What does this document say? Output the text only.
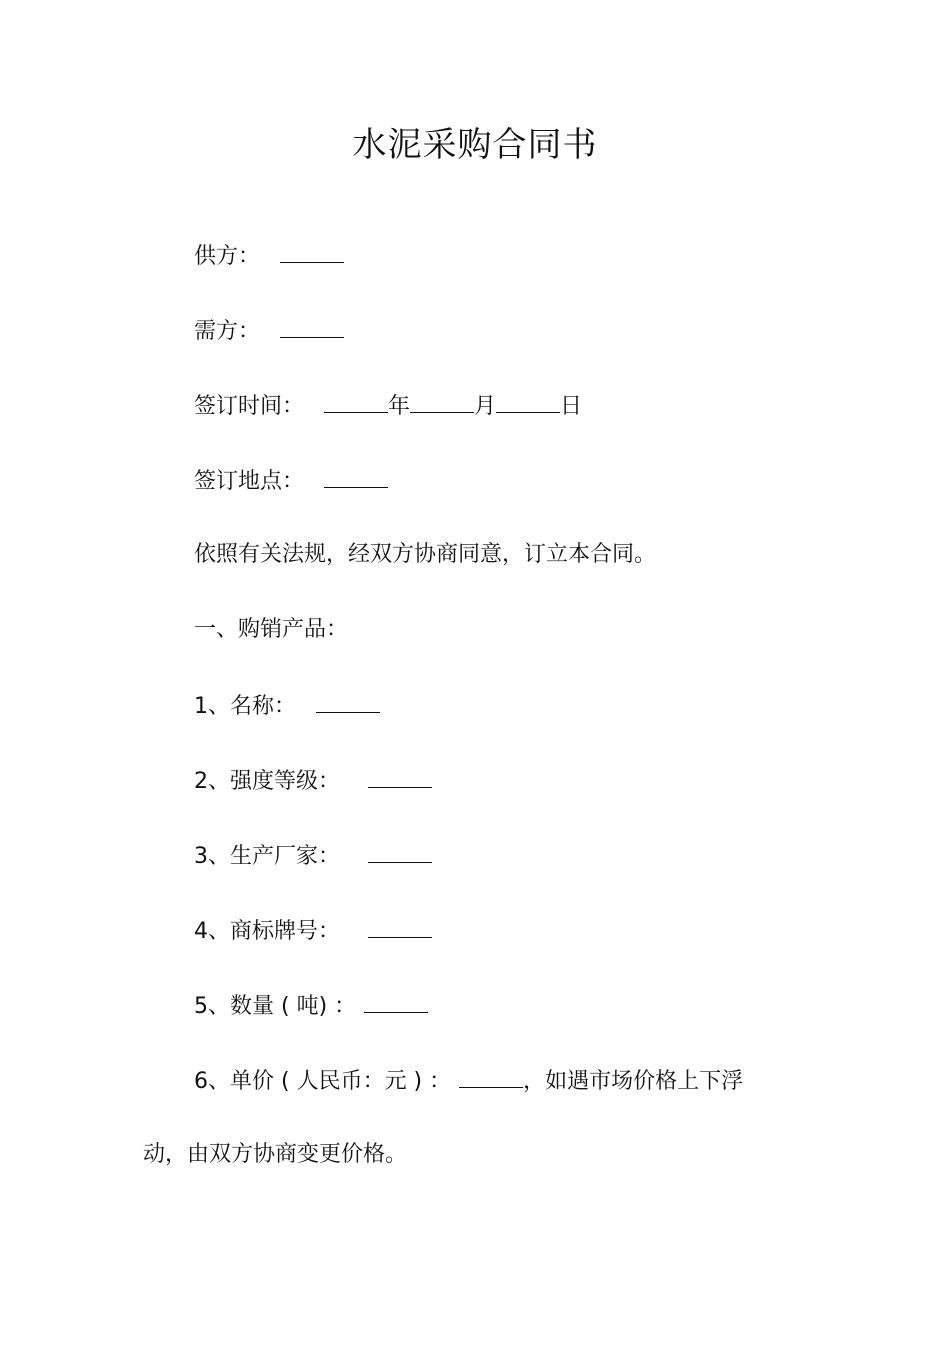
水泥采购合同书
供方：
需方：
签订时间：	年	月	日
签订地点：
依照有关法规，经双方协商同意，订立本合同。
一、购销产品：
1、名称：
2、强度等级：
3、生产厂家：
4、商标牌号：
5、数量 ( 吨) ：
6、单价 ( 人民币：元 ) ：	，如遇市场价格上下浮
动，由双方协商变更价格。
